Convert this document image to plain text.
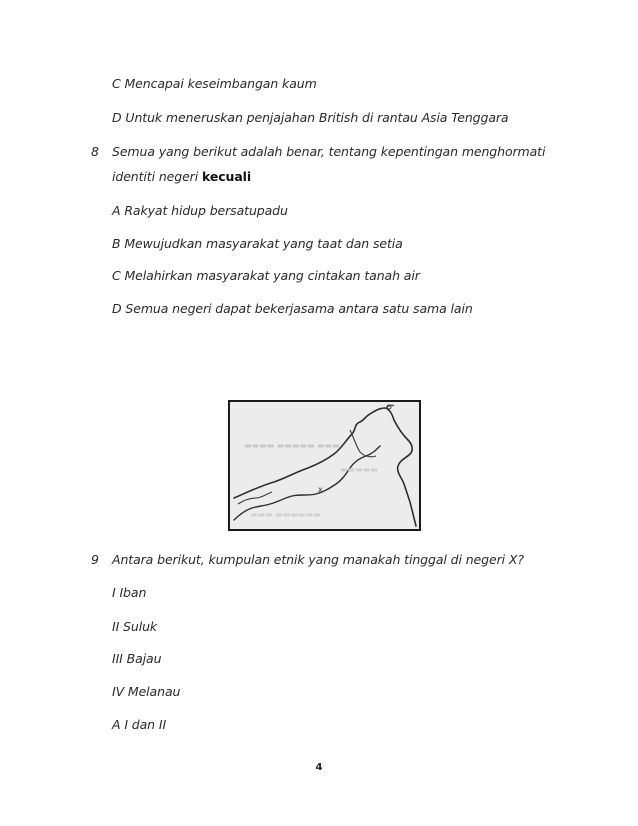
C Mencapai keseimbangan kaum
D Untuk meneruskan penjajahan British di rantau Asia Tenggara
8 Semua yang berikut adalah benar, tentang kepentingan menghormati
identiti negeri kecuali
A Rakyat hidup bersatupadu
B Mewujudkan masyarakat yang taat dan setia
C Melahirkan masyarakat yang cintakan tanah air
D Semua negeri dapat bekerjasama antara satu sama lain
▬▬▬▬ ▬▬▬▬▬ ▬▬▬
▬▬▬▬▬
▬▬▬ ▬▬▬▬▬▬
x
9 Antara berikut, kumpulan etnik yang manakah tinggal di negeri X?
I Iban
II Suluk
III Bajau
IV Melanau
A I dan II
4
